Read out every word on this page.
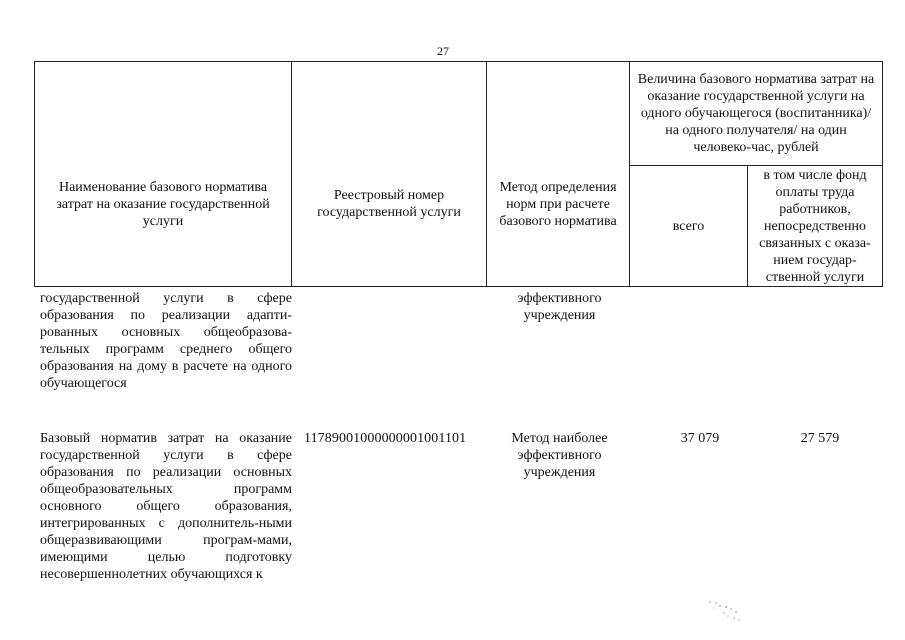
27
Наименование базового норматива затрат на оказание государственной услуги
Реестровый номер государственной услуги
Метод определения норм при расчете базового норматива
Величина базового норматива затрат на оказание государственной услуги на одного обучающегося (воспитанника)/ на одного получателя/ на один человеко-час, рублей
всего
в том числе фонд оплаты труда работников, непосредственно связанных с оказа-нием государ-ственной услуги
государственной услуги в сфере образования по реализации адапти-рованных основных общеобразова-тельных программ среднего общего образования на дому в расчете на одного обучающегося
эффективного учреждения
Базовый норматив затрат на оказание государственной услуги в сфере образования по реализации основных общеобразовательных программ основного общего образования, интегрированных с дополнитель-ными общеразвивающими програм-мами, имеющими целью подготовку несовершеннолетних обучающихся к
11789001000000001001101	Метод наиболее эффективного учреждения
37 079	27 579
